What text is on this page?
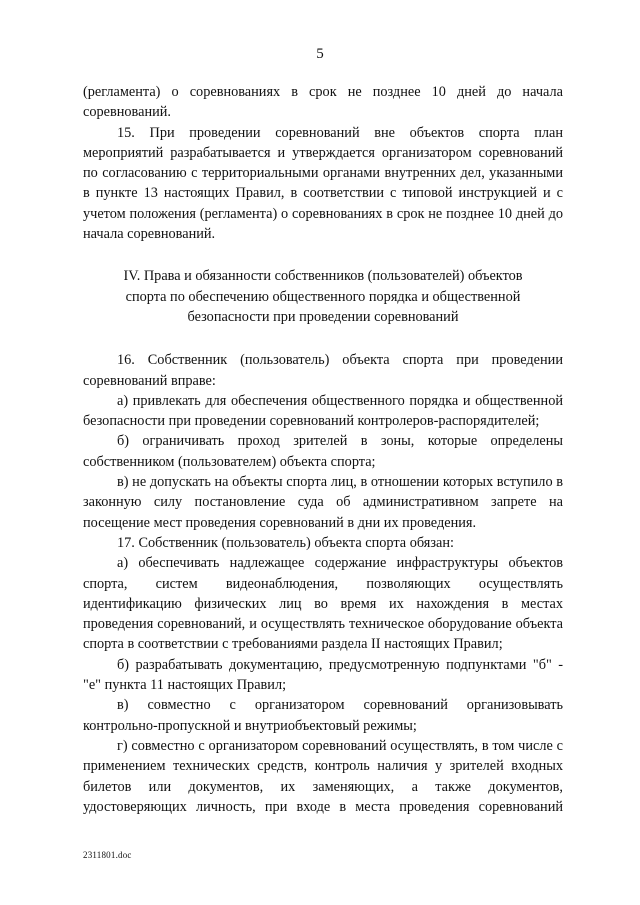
5

(регламента) о соревнованиях в срок не позднее 10 дней до начала соревнований.

15. При проведении соревнований вне объектов спорта план мероприятий разрабатывается и утверждается организатором соревнований по согласованию с территориальными органами внутренних дел, указанными в пункте 13 настоящих Правил, в соответствии с типовой инструкцией и с учетом положения (регламента) о соревнованиях в срок не позднее 10 дней до начала соревнований.

IV. Права и обязанности собственников (пользователей) объектов
спорта по обеспечению общественного порядка и общественной
безопасности при проведении соревнований

16. Собственник (пользователь) объекта спорта при проведении соревнований вправе:

а) привлекать для обеспечения общественного порядка и общественной безопасности при проведении соревнований контролеров-распорядителей;

б) ограничивать проход зрителей в зоны, которые определены собственником (пользователем) объекта спорта;

в) не допускать на объекты спорта лиц, в отношении которых вступило в законную силу постановление суда об административном запрете на посещение мест проведения соревнований в дни их проведения.

17. Собственник (пользователь) объекта спорта обязан:

а) обеспечивать надлежащее содержание инфраструктуры объектов спорта, систем видеонаблюдения, позволяющих осуществлять идентификацию физических лиц во время их нахождения в местах проведения соревнований, и осуществлять техническое оборудование объекта спорта в соответствии с требованиями раздела II настоящих Правил;

б) разрабатывать документацию, предусмотренную подпунктами "б" - "е" пункта 11 настоящих Правил;

в) совместно с организатором соревнований организовывать контрольно-пропускной и внутриобъектовый режимы;

г) совместно с организатором соревнований осуществлять, в том числе с применением технических средств, контроль наличия у зрителей входных билетов или документов, их заменяющих, а также документов, удостоверяющих личность, при входе в места проведения соревнований

2311801.doc
